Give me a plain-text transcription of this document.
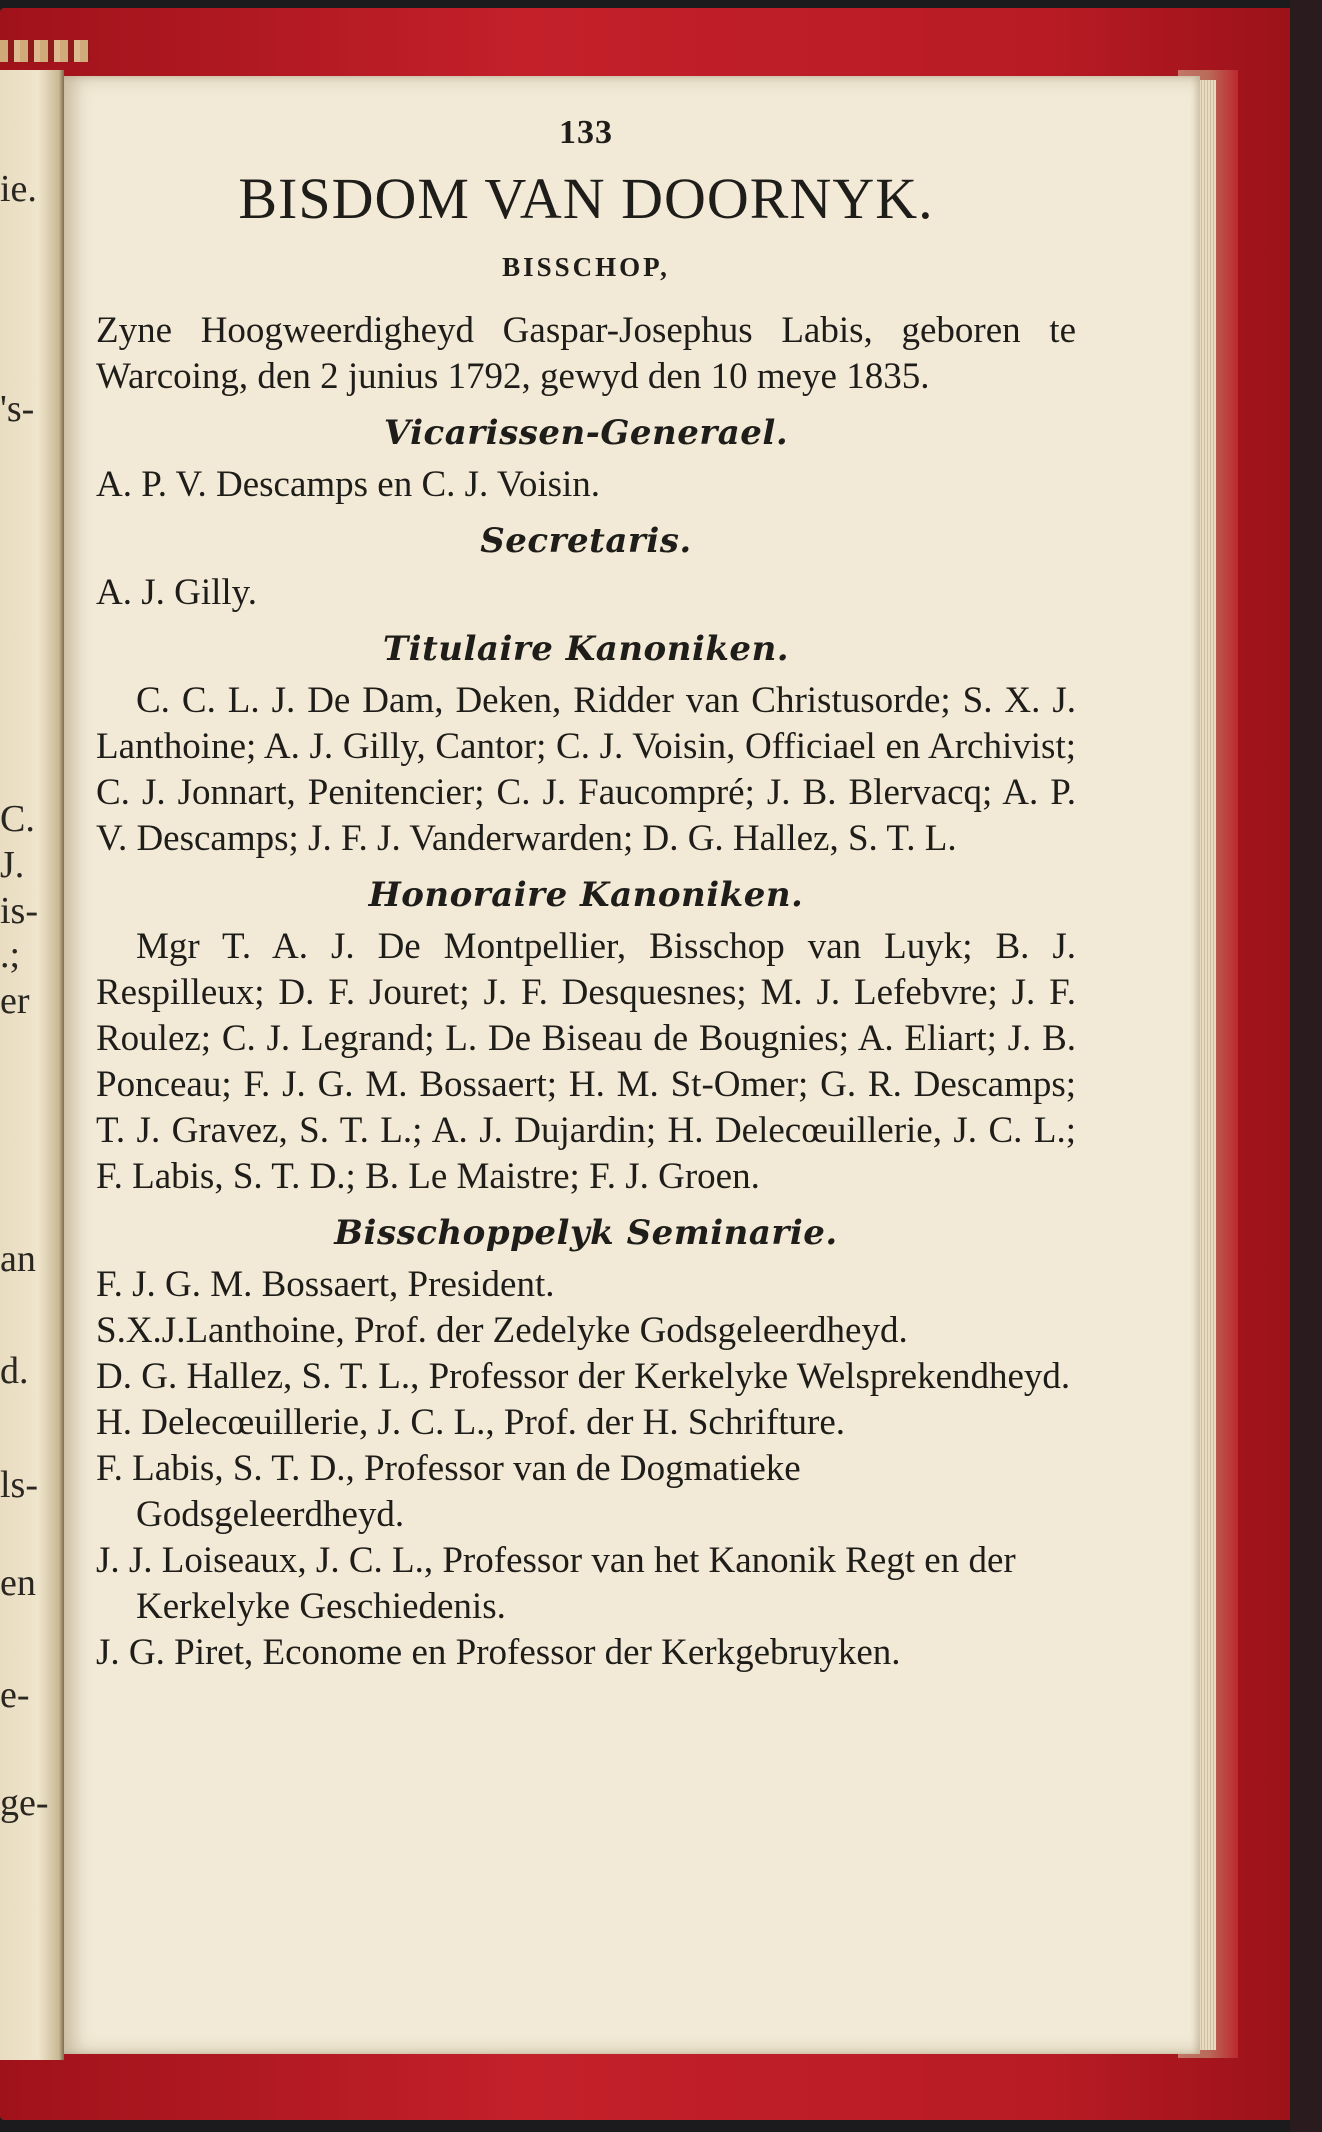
ie.
's-
C.
J.
is-
.;
er
an
d.
ls-
en
e-
ge-
133
BISDOM VAN DOORNYK.
BISSCHOP,

Zyne Hoogweerdigheyd Gaspar-Josephus Labis, geboren te Warcoing, den 2 junius 1792, gewyd den 10 meye 1835.

Vicarissen-Generael.

A. P. V. Descamps en C. J. Voisin.

Secretaris.

A. J. Gilly.

Titulaire Kanoniken.

C. C. L. J. De Dam, Deken, Ridder van Christusorde; S. X. J. Lanthoine; A. J. Gilly, Cantor; C. J. Voisin, Officiael en Archivist; C. J. Jonnart, Penitencier; C. J. Faucompré; J. B. Blervacq; A. P. V. Descamps; J. F. J. Vanderwarden; D. G. Hallez, S. T. L.

Honoraire Kanoniken.

Mgr T. A. J. De Montpellier, Bisschop van Luyk; B. J. Respilleux; D. F. Jouret; J. F. Desquesnes; M. J. Lefebvre; J. F. Roulez; C. J. Legrand; L. De Biseau de Bougnies; A. Eliart; J. B. Ponceau; F. J. G. M. Bossaert; H. M. St-Omer; G. R. Descamps; T. J. Gravez, S. T. L.; A. J. Dujardin; H. Delecœuillerie, J. C. L.; F. Labis, S. T. D.; B. Le Maistre; F. J. Groen.

Bisschoppelyk Seminarie.

F. J. G. M. Bossaert, President.

S.X.J.Lanthoine, Prof. der Zedelyke Godsgeleerdheyd.

D. G. Hallez, S. T. L., Professor der Kerkelyke Welsprekendheyd.

H. Delecœuillerie, J. C. L., Prof. der H. Schrifture.

F. Labis, S. T. D., Professor van de Dogmatieke Godsgeleerdheyd.

J. J. Loiseaux, J. C. L., Professor van het Kanonik Regt en der Kerkelyke Geschiedenis.

J. G. Piret, Econome en Professor der Kerkgebruyken.
